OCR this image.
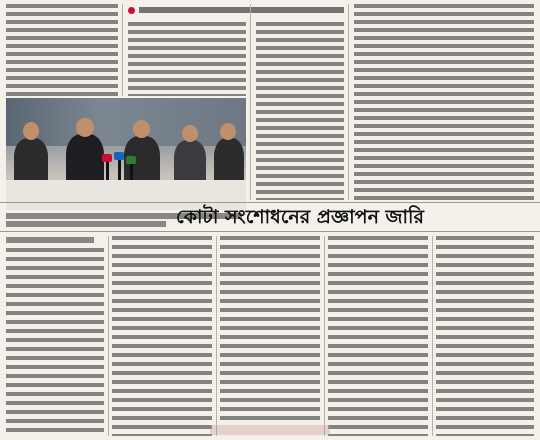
কোটা সংশোধনের প্রজ্ঞাপন জারি
